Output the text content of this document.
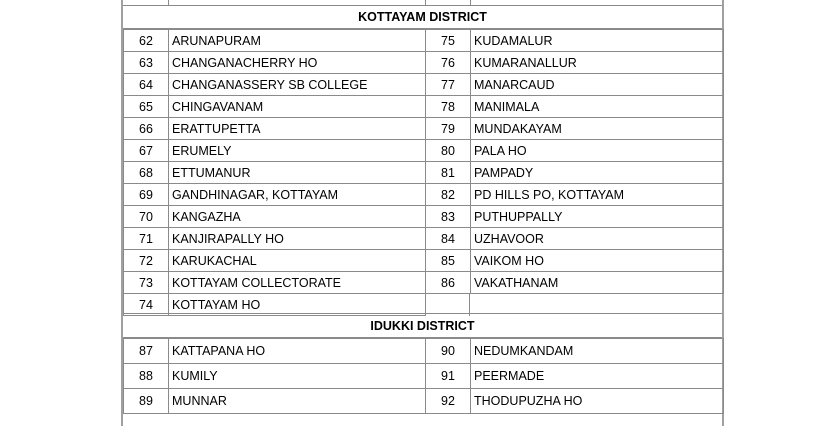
KOTTAYAM DISTRICT
62	ARUNAPURAM	75	KUDAMALUR
63	CHANGANACHERRY HO	76	KUMARANALLUR
64	CHANGANASSERY SB COLLEGE	77	MANARCAUD
65	CHINGAVANAM	78	MANIMALA
66	ERATTUPETTA	79	MUNDAKAYAM
67	ERUMELY	80	PALA HO
68	ETTUMANUR	81	PAMPADY
69	GANDHINAGAR, KOTTAYAM	82	PD HILLS PO, KOTTAYAM
70	KANGAZHA	83	PUTHUPPALLY
71	KANJIRAPALLY HO	84	UZHAVOOR
72	KARUKACHAL	85	VAIKOM HO
73	KOTTAYAM COLLECTORATE	86	VAKATHANAM
74	KOTTAYAM HO
IDUKKI DISTRICT
87	KATTAPANA HO	90	NEDUMKANDAM
88	KUMILY	91	PEERMADE
89	MUNNAR	92	THODUPUZHA HO
